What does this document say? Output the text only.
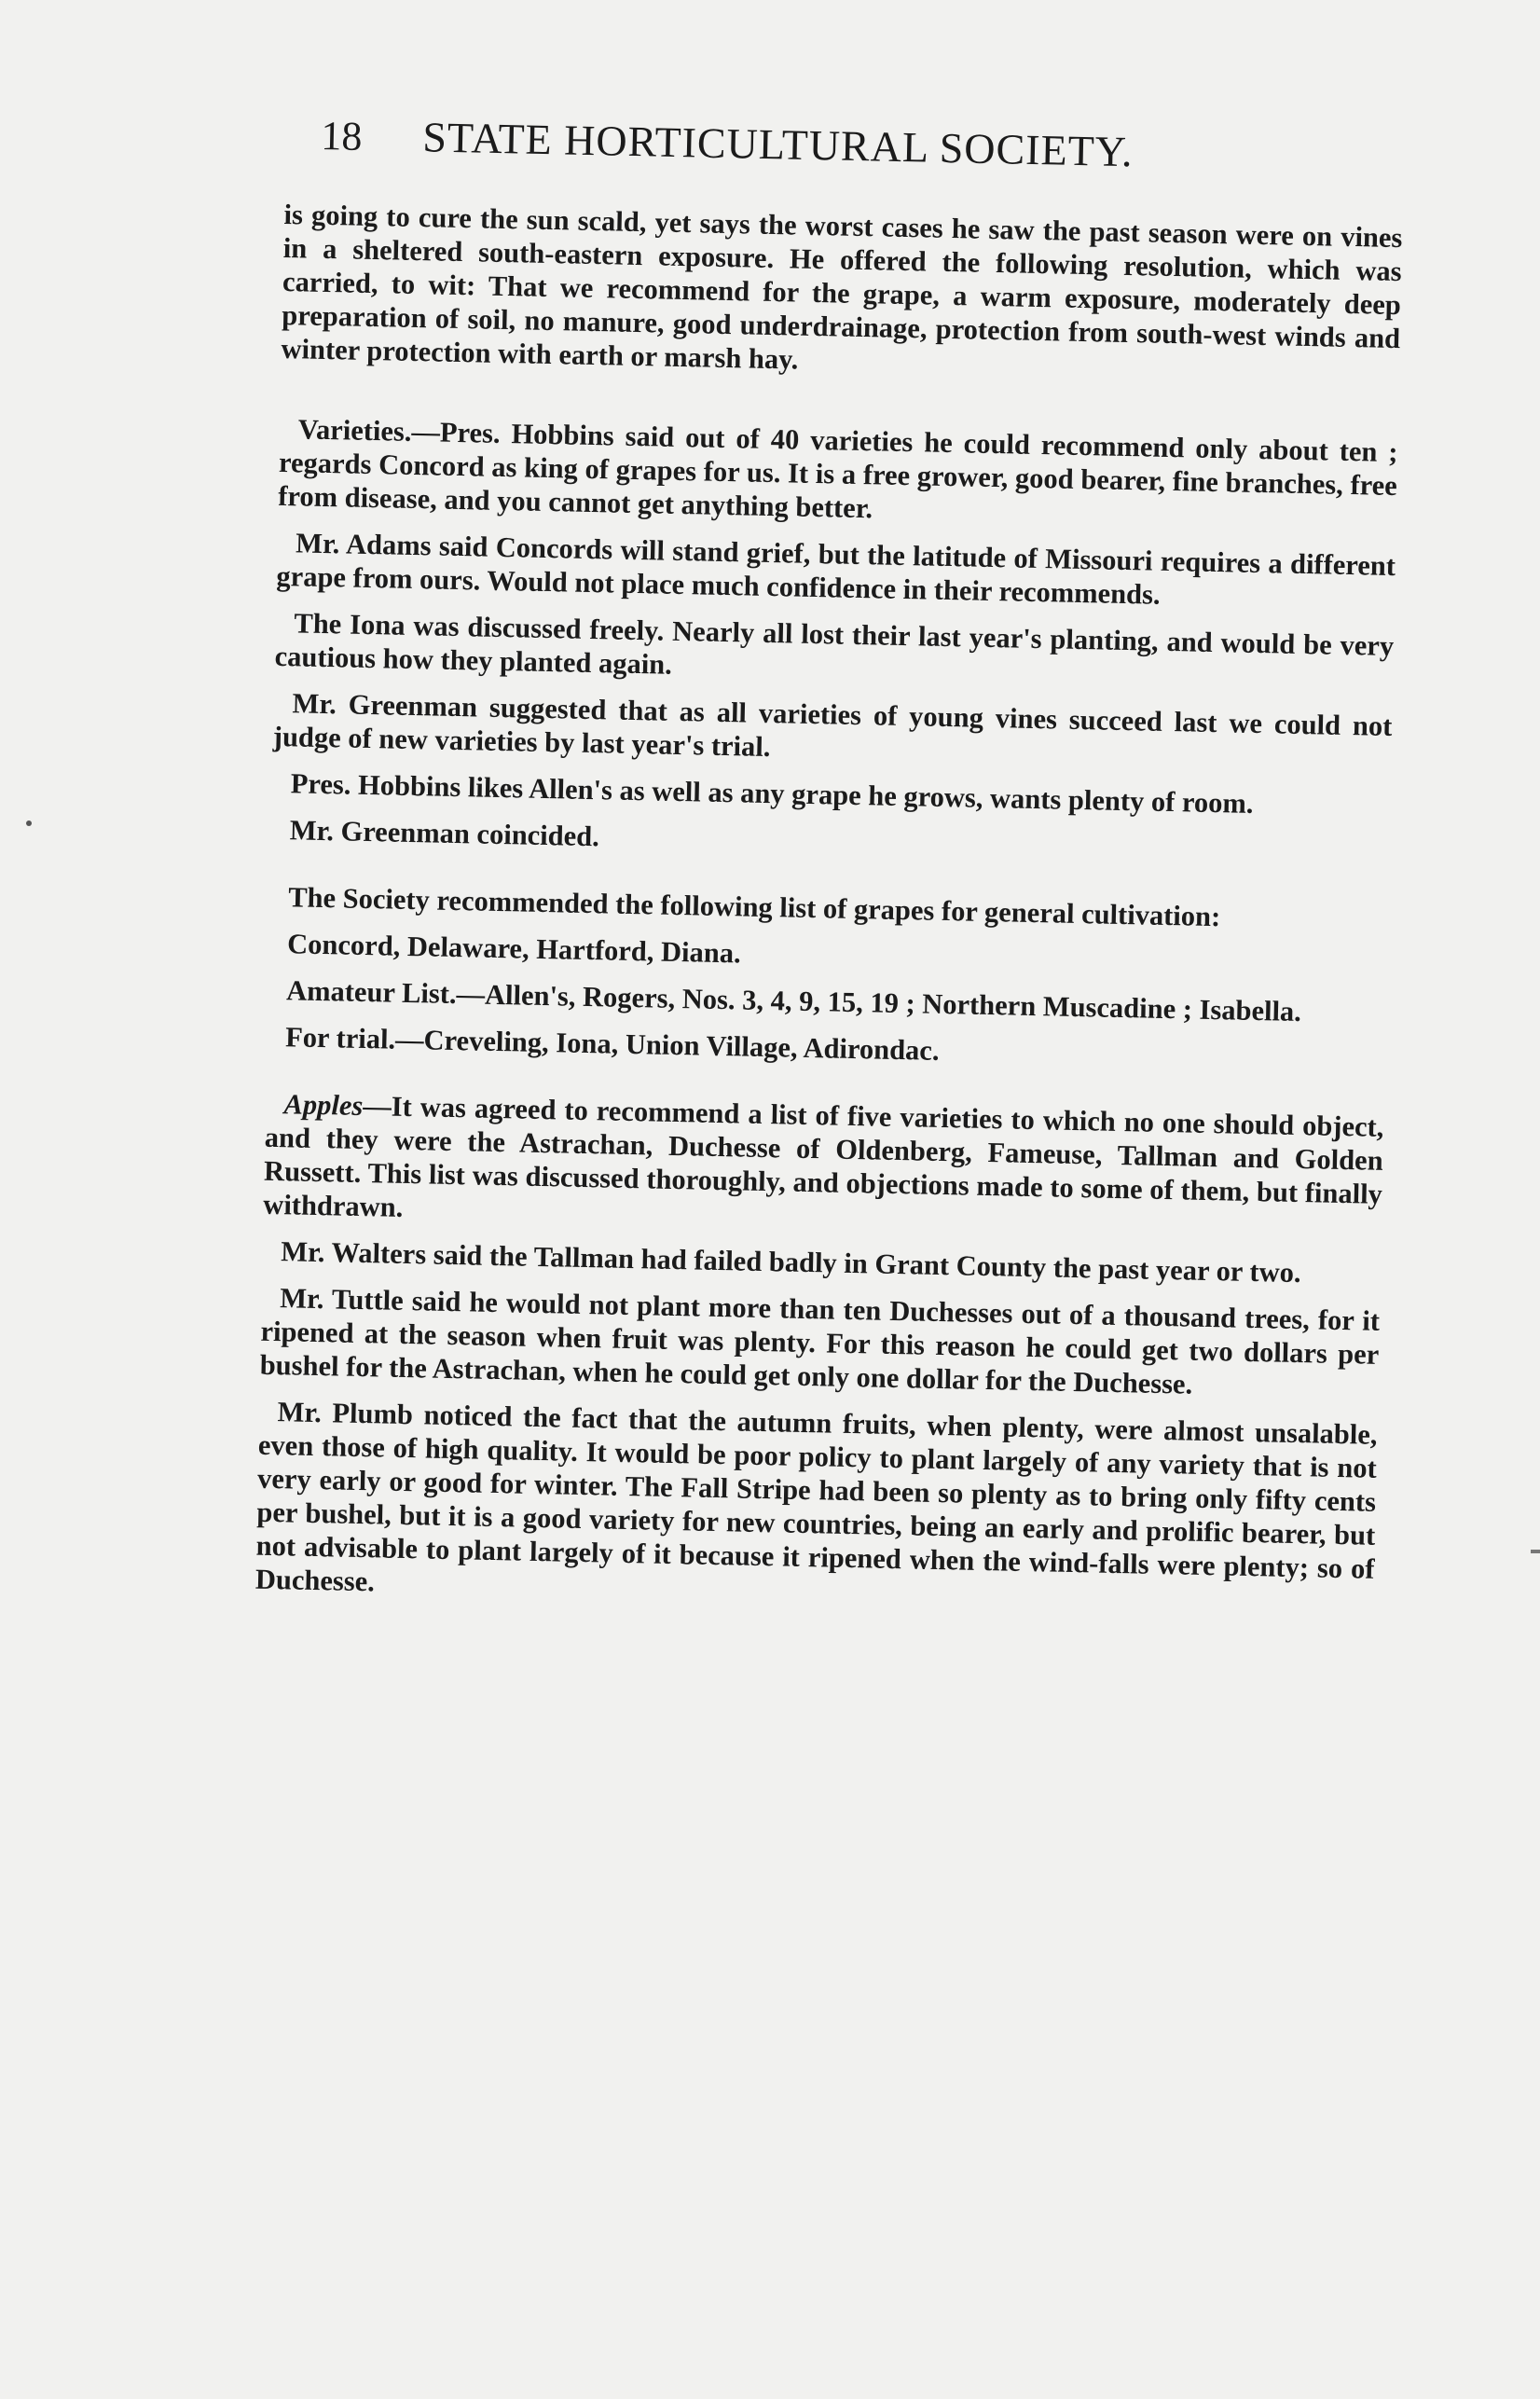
18 STATE HORTICULTURAL SOCIETY.

is going to cure the sun scald, yet says the worst cases he saw the past season were on vines in a sheltered south-eastern exposure. He offered the following resolution, which was carried, to wit: That we recommend for the grape, a warm exposure, moderately deep preparation of soil, no manure, good underdrainage, protection from south-west winds and winter protection with earth or marsh hay.

Varieties.—Pres. Hobbins said out of 40 varieties he could recommend only about ten ; regards Concord as king of grapes for us. It is a free grower, good bearer, fine branches, free from disease, and you cannot get anything better.

Mr. Adams said Concords will stand grief, but the latitude of Missouri requires a different grape from ours. Would not place much confidence in their recommends.

The Iona was discussed freely. Nearly all lost their last year's planting, and would be very cautious how they planted again.

Mr. Greenman suggested that as all varieties of young vines succeed last we could not judge of new varieties by last year's trial.

Pres. Hobbins likes Allen's as well as any grape he grows, wants plenty of room.

Mr. Greenman coincided.

The Society recommended the following list of grapes for general cultivation:

Concord, Delaware, Hartford, Diana.

Amateur List.—Allen's, Rogers, Nos. 3, 4, 9, 15, 19 ; Northern Muscadine ; Isabella.

For trial.—Creveling, Iona, Union Village, Adirondac.

Apples—It was agreed to recommend a list of five varieties to which no one should object, and they were the Astrachan, Duchesse of Oldenberg, Fameuse, Tallman and Golden Russett. This list was discussed thoroughly, and objections made to some of them, but finally withdrawn.

Mr. Walters said the Tallman had failed badly in Grant County the past year or two.

Mr. Tuttle said he would not plant more than ten Duchesses out of a thousand trees, for it ripened at the season when fruit was plenty. For this reason he could get two dollars per bushel for the Astrachan, when he could get only one dollar for the Duchesse.

Mr. Plumb noticed the fact that the autumn fruits, when plenty, were almost unsalable, even those of high quality. It would be poor policy to plant largely of any variety that is not very early or good for winter. The Fall Stripe had been so plenty as to bring only fifty cents per bushel, but it is a good variety for new countries, being an early and prolific bearer, but not advisable to plant largely of it because it ripened when the wind-falls were plenty; so of Duchesse.
